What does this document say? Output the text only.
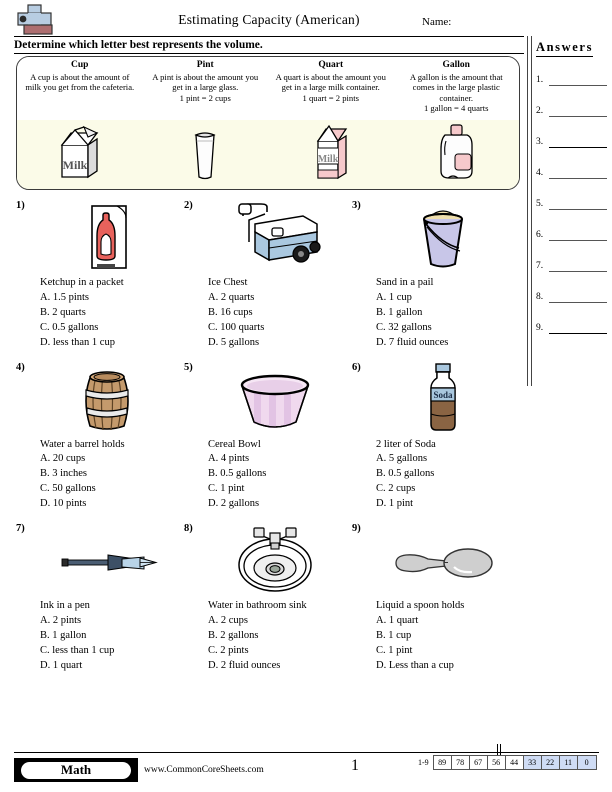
Estimating Capacity (American)	Name:
Determine which letter best represents the volume.	Answers
1.
2.
3.
4.
5.
6.
7.
8.
9.
Cup
A cup is about the amount of milk you get from the cafeteria.
Pint
A pint is about the amount you get in a large glass.
1 pint = 2 cups
Quart
A quart is about the amount you get in a large milk container.
1 quart = 2 pints
Gallon
A gallon is the amount that comes in the large plastic container.
1 gallon = 4 quarts
Milk	Milk
1)
Ketchup in a packet
A. 1.5 pints
B. 2 quarts
C. 0.5 gallons
D. less than 1 cup
2)
Ice Chest
A. 2 quarts
B. 16 cups
C. 100 quarts
D. 5 gallons
3)
Sand in a pail
A. 1 cup
B. 1 gallon
C. 32 gallons
D. 7 fluid ounces
4)
Water a barrel holds
A. 20 cups
B. 3 inches
C. 50 gallons
D. 10 pints
5)
Cereal Bowl
A. 4 pints
B. 0.5 gallons
C. 1 pint
D. 2 gallons
6)
Soda
2 liter of Soda
A. 5 gallons
B. 0.5 gallons
C. 2 cups
D. 1 pint
7)
Ink in a pen
A. 2 pints
B. 1 gallon
C. less than 1 cup
D. 1 quart
8)
Water in bathroom sink
A. 2 cups
B. 2 gallons
C. 2 pints
D. 2 fluid ounces
9)
Liquid a spoon holds
A. 1 quart
B. 1 cup
C. 1 pint
D. Less than a cup
Math	www.CommonCoreSheets.com	1	1-9	89	78	67	56	44	33	22	11	0
